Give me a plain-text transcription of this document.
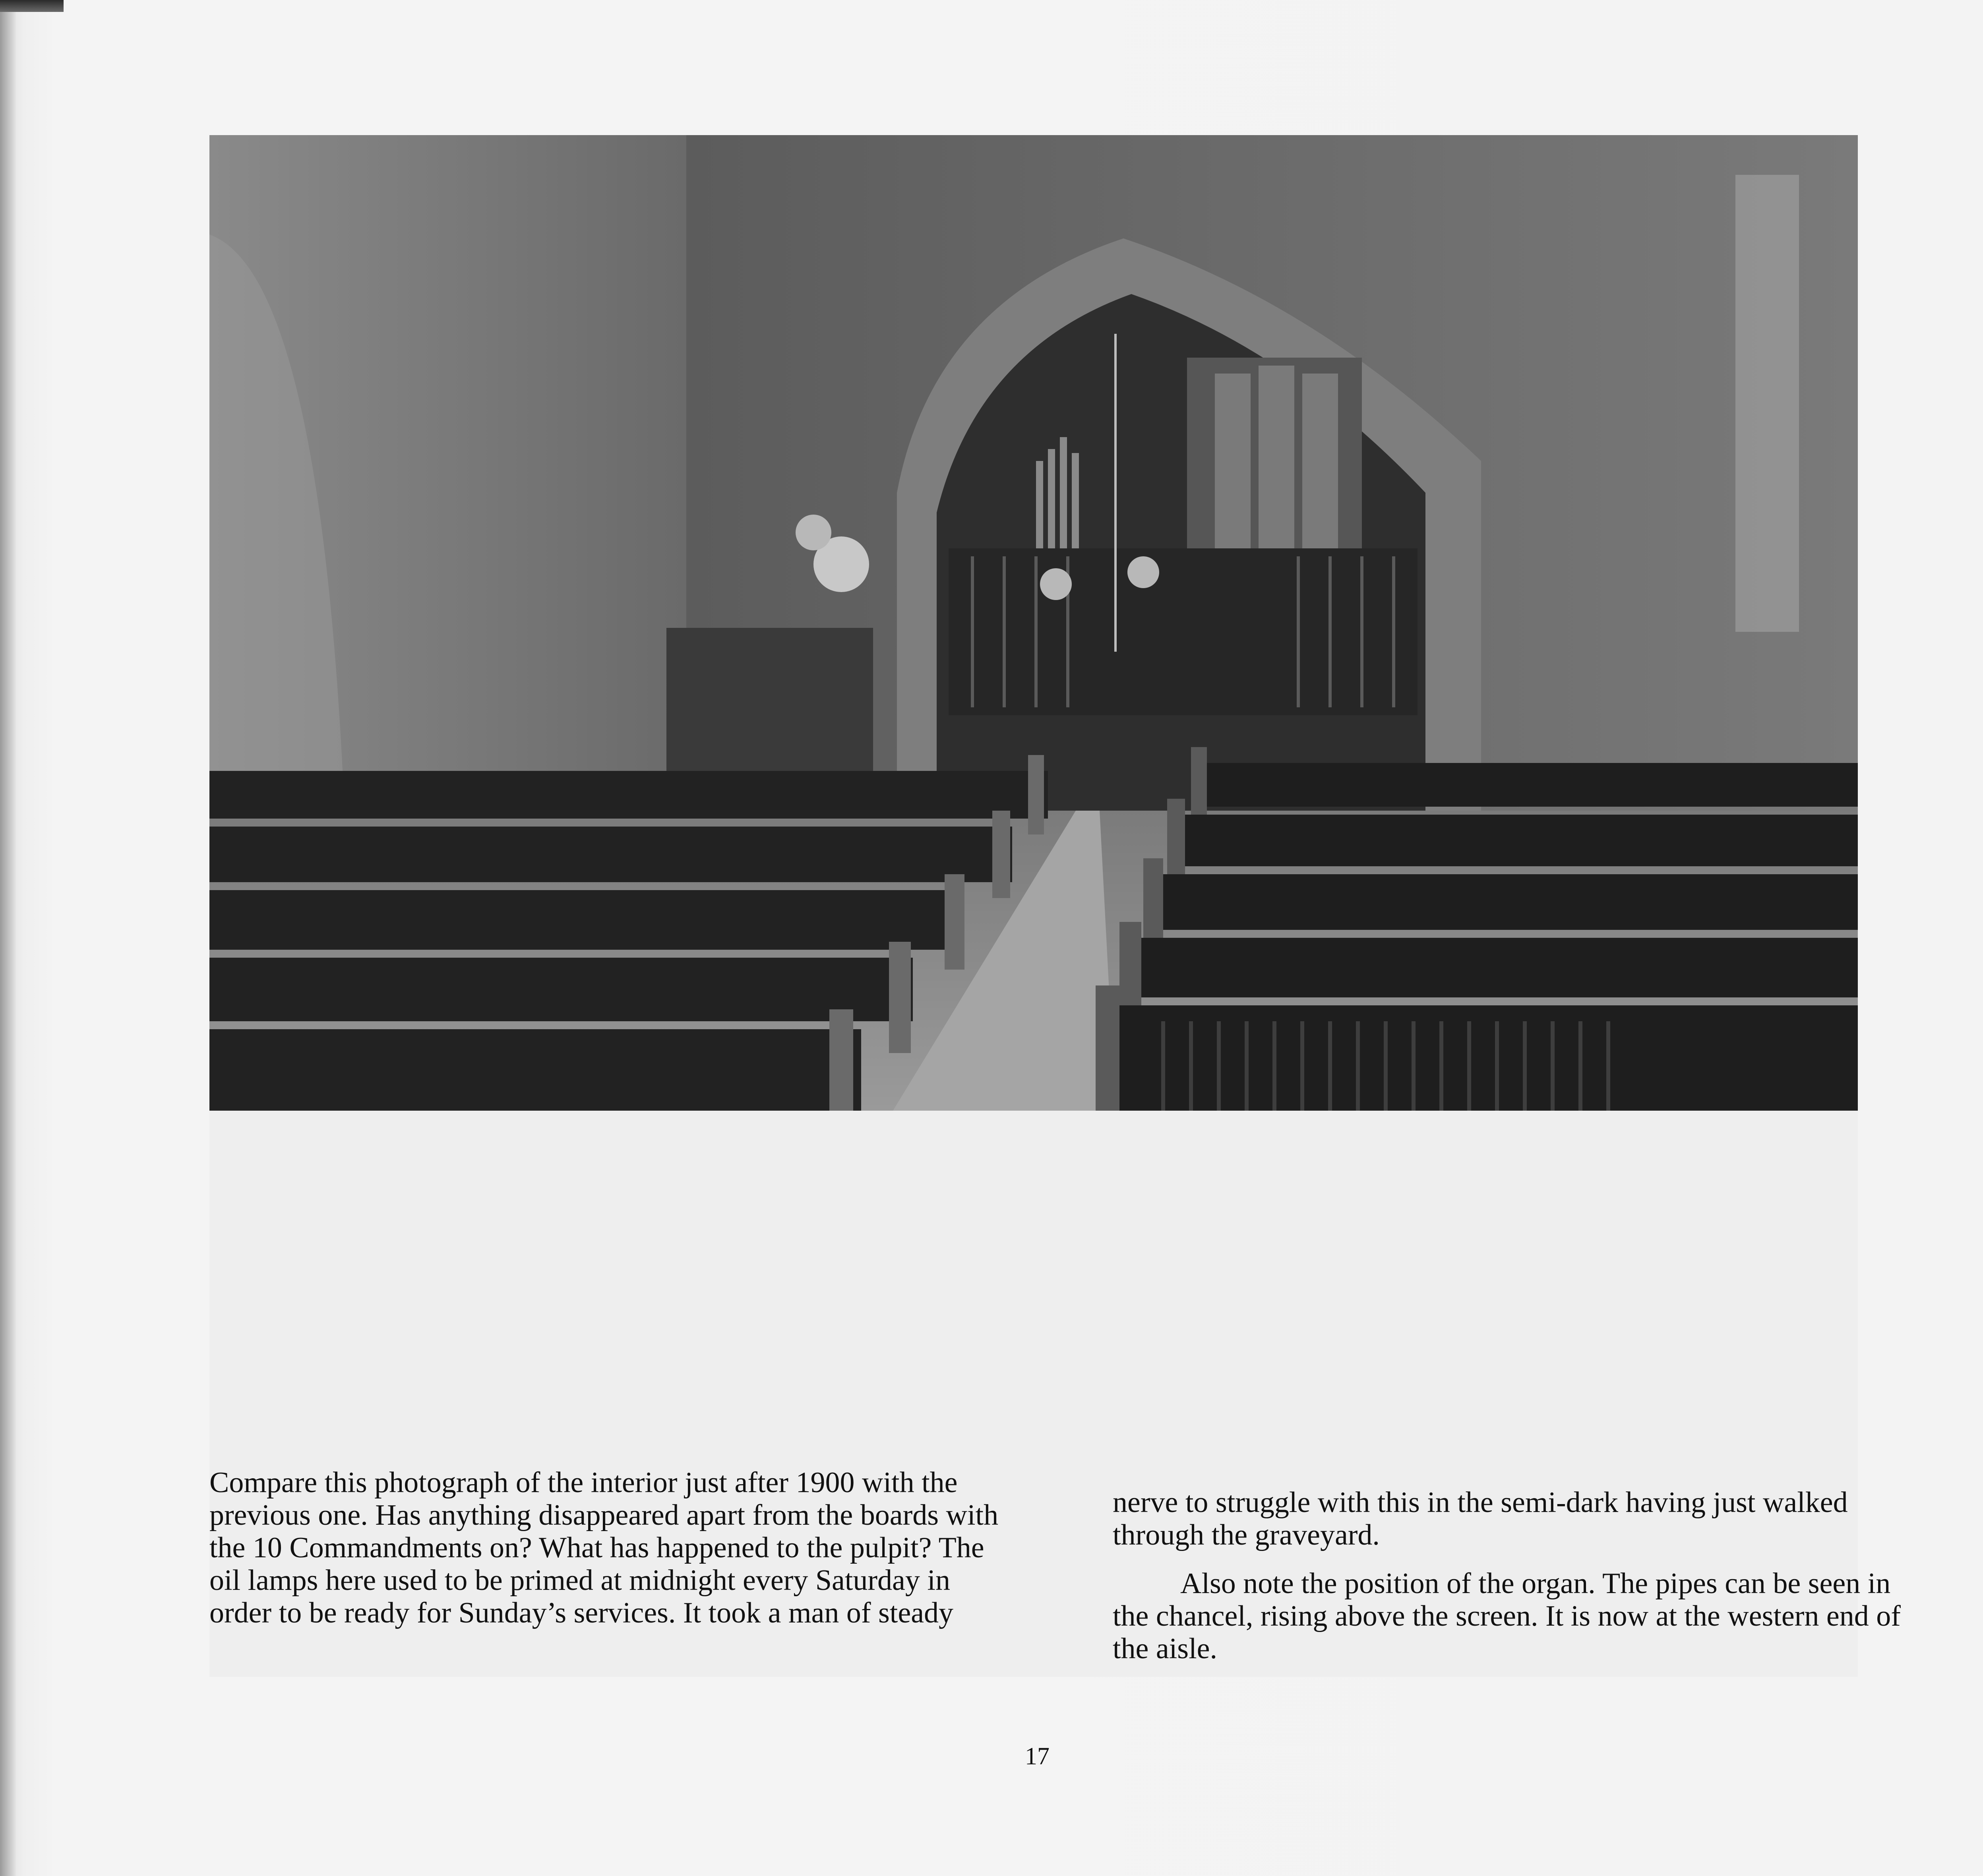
Compare this photograph of the interior just after 1900 with the previous one. Has anything disappeared apart from the boards with the 10 Commandments on? What has happened to the pulpit? The oil lamps here used to be primed at midnight every Saturday in order to be ready for Sunday’s services. It took a man of steady

nerve to struggle with this in the semi-dark having just walked through the graveyard.

Also note the position of the organ. The pipes can be seen in the chancel, rising above the screen. It is now at the western end of the aisle.

17
